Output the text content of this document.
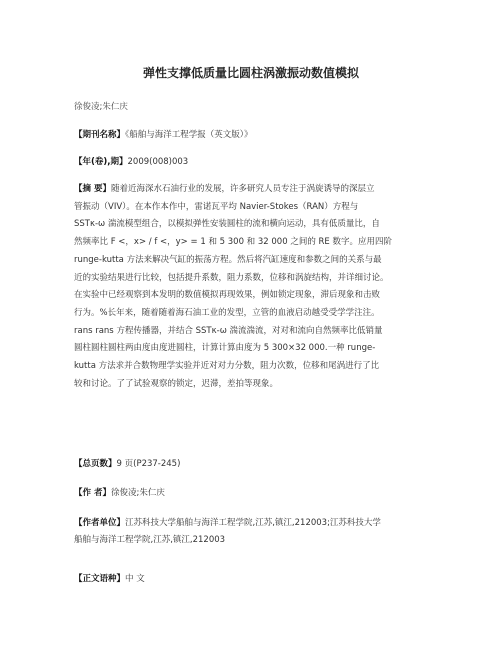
弹性支撑低质量比圆柱涡激振动数值模拟
徐俊凌;朱仁庆
【期刊名称】《船舶与海洋工程学报（英文版）》
【年(卷),期】2009(008)003
【摘 要】随着近海深水石油行业的发展，许多研究人员专注于涡旋诱导的深层立
管振动（VIV）。在本作本作中，雷诺瓦平均 Navier-Stokes（RAN）方程与
SSTκ-ω 湍流模型组合，以模拟弹性安装圆柱的流和横向运动，具有低质量比，自
然频率比 F <，x> / f <，y> = 1 和 5 300 和 32 000 之间的 RE 数字。应用四阶
runge-kutta 方法来解决气缸的振荡方程。然后将汽缸速度和参数之间的关系与最
近的实验结果进行比较，包括提升系数，阻力系数，位移和涡旋结构，并详细讨论。
在实验中已经观察到本发明的数值模拟再现效果，例如锁定现象，滞后现象和击败
行为。%长年来，随着随着海石油工业的发型，立管的血液启动越受受学学注注。
rans rans 方程传播器，并结合 SSTκ-ω 湍流湍流，对对和流向自然频率比低销量
圆柱圆柱圆柱两由度由度进圆柱，计算计算由度为 5 300×32 000.一种 runge-
kutta 方法求并合数物理学实验并近对对力分数，阻力次数，位移和尾涡进行了比
较和讨论。了了试验观察的锁定，迟滞，差拍等现象。
【总页数】9 页(P237-245)
【作 者】徐俊凌;朱仁庆
【作者单位】江苏科技大学船舶与海洋工程学院,江苏,镇江,212003;江苏科技大学
船舶与海洋工程学院,江苏,镇江,212003
【正文语种】中 文
